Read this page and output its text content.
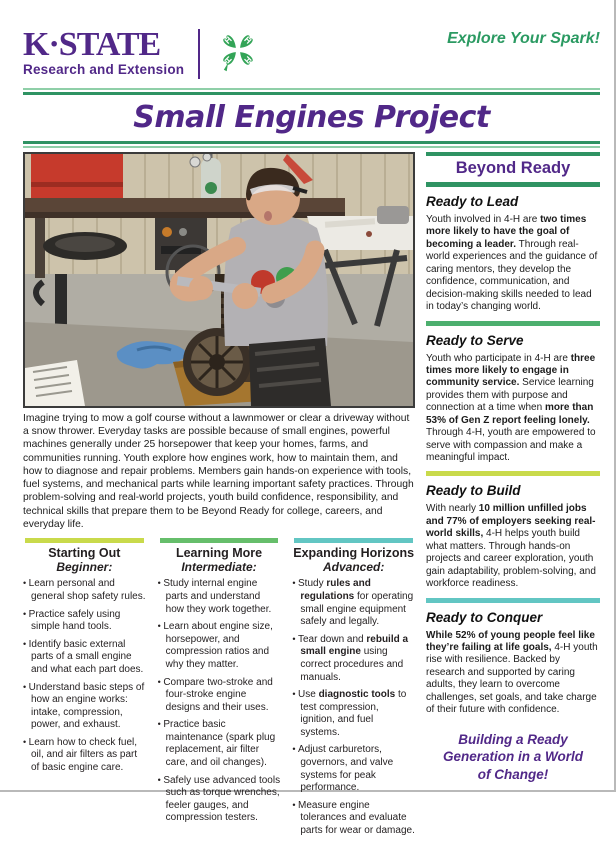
K·STATE
Research and Extension
H
H
H
H	Explore Your Spark!
Small Engines Project

Imagine trying to mow a golf course without a lawnmower or clear a driveway without a snow thrower. Everyday tasks are possible because of small engines, powerful machines generally under 25 horsepower that keep your homes, farms, and communities running. Youth explore how engines work, how to maintain them, and how to diagnose and repair problems. Members gain hands-on experience with tools, fuel systems, and mechanical parts while learning important safety practices. Through problem-solving and real-world projects, youth build confidence, responsibility, and technical skills that prepare them to be Beyond Ready for college, careers, and everyday life.

Starting Out
Beginner:
• Learn personal and general shop safety rules.
• Practice safely using simple hand tools.
• Identify basic external parts of a small engine and what each part does.
• Understand basic steps of how an engine works: intake, compression, power, and exhaust.
• Learn how to check fuel, oil, and air filters as part of basic engine care.
Learning More
Intermediate:
• Study internal engine parts and understand how they work together.
• Learn about engine size, horsepower, and compression ratios and why they matter.
• Compare two-stroke and four-stroke engine designs and their uses.
• Practice basic maintenance (spark plug replacement, air filter care, and oil changes).
• Safely use advanced tools such as torque wrenches, feeler gauges, and compression testers.
Expanding Horizons
Advanced:
• Study rules and regulations for operating small engine equipment safely and legally.
• Tear down and rebuild a small engine using correct procedures and manuals.
• Use diagnostic tools to test compression, ignition, and fuel systems.
• Adjust carburetors, governors, and valve systems for peak performance.
• Measure engine tolerances and evaluate parts for wear or damage.
Beyond Ready
Ready to Lead

Youth involved in 4-H are two times more likely to have the goal of becoming a leader. Through real-world experiences and the guidance of caring mentors, they develop the confidence, communication, and decision-making skills needed to lead in today’s changing world.

Ready to Serve

Youth who participate in 4-H are three times more likely to engage in community service. Service learning provides them with purpose and connection at a time when more than 53% of Gen Z report feeling lonely. Through 4-H, youth are empowered to serve with compassion and make a meaningful impact.

Ready to Build

With nearly 10 million unfilled jobs and 77% of employers seeking real-world skills, 4-H helps youth build what matters. Through hands-on projects and career exploration, youth gain adaptability, problem-solving, and workforce readiness.

Ready to Conquer

While 52% of young people feel like they’re failing at life goals, 4-H youth rise with resilience. Backed by research and supported by caring adults, they learn to overcome challenges, set goals, and take charge of their future with confidence.

Building a Ready Generation in a World of Change!
